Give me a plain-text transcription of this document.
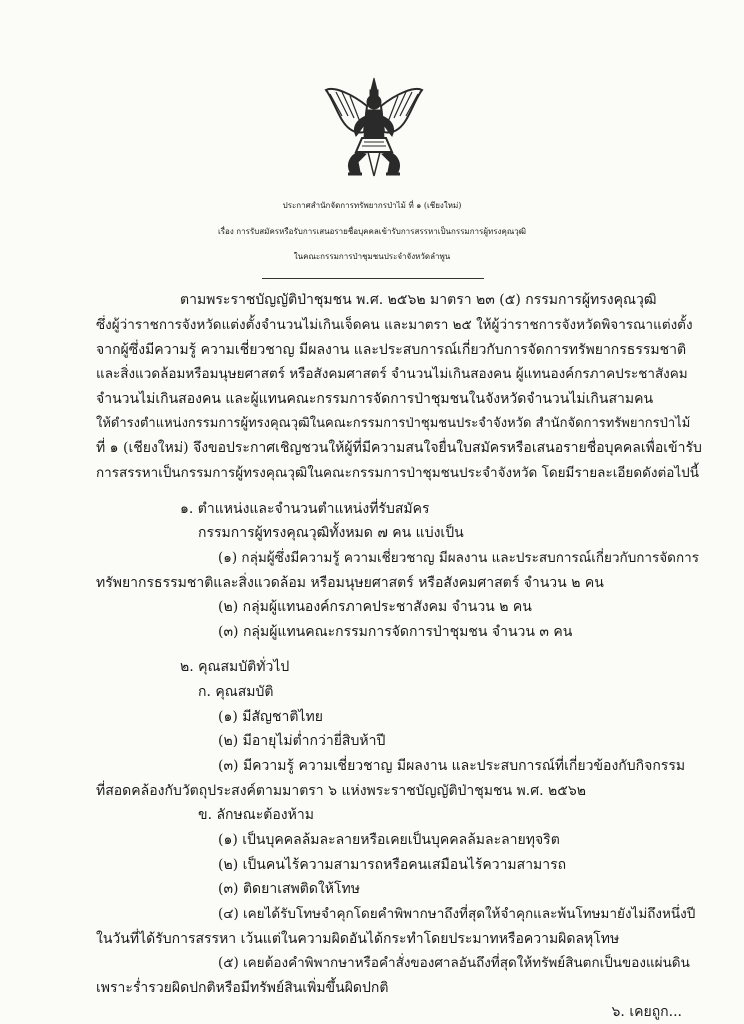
ประกาศสำนักจัดการทรัพยากรป่าไม้ ที่ ๑ (เชียงใหม่)
เรื่อง การรับสมัครหรือรับการเสนอรายชื่อบุคคลเข้ารับการสรรหาเป็นกรรมการผู้ทรงคุณวุฒิ
ในคณะกรรมการป่าชุมชนประจำจังหวัดลำพูน
ตามพระราชบัญญัติป่าชุมชน พ.ศ. ๒๕๖๒ มาตรา ๒๓ (๕) กรรมการผู้ทรงคุณวุฒิ
ซึ่งผู้ว่าราชการจังหวัดแต่งตั้งจำนวนไม่เกินเจ็ดคน และมาตรา ๒๕ ให้ผู้ว่าราชการจังหวัดพิจารณาแต่งตั้ง
จากผู้ซึ่งมีความรู้ ความเชี่ยวชาญ มีผลงาน และประสบการณ์เกี่ยวกับการจัดการทรัพยากรธรรมชาติ
และสิ่งแวดล้อมหรือมนุษยศาสตร์ หรือสังคมศาสตร์ จำนวนไม่เกินสองคน ผู้แทนองค์กรภาคประชาสังคม
จำนวนไม่เกินสองคน และผู้แทนคณะกรรมการจัดการป่าชุมชนในจังหวัดจำนวนไม่เกินสามคน
ให้ดำรงตำแหน่งกรรมการผู้ทรงคุณวุฒิในคณะกรรมการป่าชุมชนประจำจังหวัด สำนักจัดการทรัพยากรป่าไม้
ที่ ๑ (เชียงใหม่) จึงขอประกาศเชิญชวนให้ผู้ที่มีความสนใจยื่นใบสมัครหรือเสนอรายชื่อบุคคลเพื่อเข้ารับ
การสรรหาเป็นกรรมการผู้ทรงคุณวุฒิในคณะกรรมการป่าชุมชนประจำจังหวัด โดยมีรายละเอียดดังต่อไปนี้
๑. ตำแหน่งและจำนวนตำแหน่งที่รับสมัคร
กรรมการผู้ทรงคุณวุฒิทั้งหมด ๗ คน แบ่งเป็น
(๑) กลุ่มผู้ซึ่งมีความรู้ ความเชี่ยวชาญ มีผลงาน และประสบการณ์เกี่ยวกับการจัดการ
ทรัพยากรธรรมชาติและสิ่งแวดล้อม หรือมนุษยศาสตร์ หรือสังคมศาสตร์ จำนวน ๒ คน
(๒) กลุ่มผู้แทนองค์กรภาคประชาสังคม จำนวน ๒ คน
(๓) กลุ่มผู้แทนคณะกรรมการจัดการป่าชุมชน จำนวน ๓ คน
๒. คุณสมบัติทั่วไป
ก. คุณสมบัติ
(๑) มีสัญชาติไทย
(๒) มีอายุไม่ต่ำกว่ายี่สิบห้าปี
(๓) มีความรู้ ความเชี่ยวชาญ มีผลงาน และประสบการณ์ที่เกี่ยวข้องกับกิจกรรม
ที่สอดคล้องกับวัตถุประสงค์ตามมาตรา ๖ แห่งพระราชบัญญัติป่าชุมชน พ.ศ. ๒๕๖๒
ข. ลักษณะต้องห้าม
(๑) เป็นบุคคลล้มละลายหรือเคยเป็นบุคคลล้มละลายทุจริต
(๒) เป็นคนไร้ความสามารถหรือคนเสมือนไร้ความสามารถ
(๓) ติดยาเสพติดให้โทษ
(๔) เคยได้รับโทษจำคุกโดยคำพิพากษาถึงที่สุดให้จำคุกและพ้นโทษมายังไม่ถึงหนึ่งปี
ในวันที่ได้รับการสรรหา เว้นแต่ในความผิดอันได้กระทำโดยประมาทหรือความผิดลหุโทษ
(๕) เคยต้องคำพิพากษาหรือคำสั่งของศาลอันถึงที่สุดให้ทรัพย์สินตกเป็นของแผ่นดิน
เพราะร่ำรวยผิดปกติหรือมีทรัพย์สินเพิ่มขึ้นผิดปกติ
๖. เคยถูก...
